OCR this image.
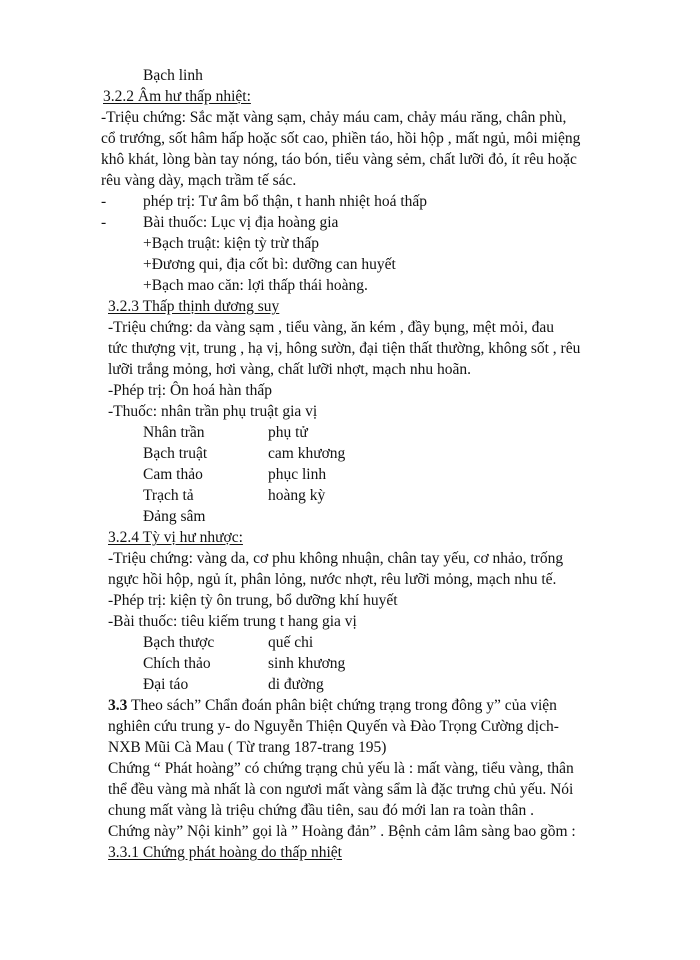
Bạch linh
3.2.2 Âm hư thấp nhiệt:
-Triệu chứng: Sắc mặt vàng sạm, chảy máu cam, chảy máu răng, chân phù,
cổ trướng, sốt hâm hấp hoặc sốt cao, phiền táo, hồi hộp , mất ngủ, môi miệng
khô khát, lòng bàn tay nóng, táo bón, tiểu vàng sẻm, chất lưỡi đỏ, ít rêu hoặc
rêu vàng dày, mạch trầm tế sác.
- phép trị: Tư âm bổ thận, t hanh nhiệt hoá thấp
- Bài thuốc: Lục vị địa hoàng gia
+Bạch truật: kiện tỳ trừ thấp
+Đương qui, địa cốt bì: dưỡng can huyết
+Bạch mao căn: lợi thấp thái hoàng.
3.2.3 Thấp thịnh dương suy
-Triệu chứng: da vàng sạm , tiểu vàng, ăn kém , đầy bụng, mệt mỏi, đau
tức thượng vịt, trung , hạ vị, hông sườn, đại tiện thất thường, không sốt , rêu
lưỡi trắng mỏng, hơi vàng, chất lưỡi nhợt, mạch nhu hoãn.
-Phép trị: Ôn hoá hàn thấp
-Thuốc: nhân trần phụ truật gia vị
Nhân trần	phụ tử
Bạch truật	cam khương
Cam thảo	phục linh
Trạch tả	hoàng kỳ
Đảng sâm
3.2.4 Tỳ vị hư nhược:
-Triệu chứng: vàng da, cơ phu không nhuận, chân tay yếu, cơ nhảo, trống
ngực hồi hộp, ngủ ít, phân lỏng, nước nhợt, rêu lưỡi mỏng, mạch nhu tế.
-Phép trị: kiện tỳ ôn trung, bổ dưỡng khí huyết
-Bài thuốc: tiêu kiếm trung t hang gia vị
Bạch thược	quế chi
Chích thảo	sinh khương
Đại táo	di đường
3.3 Theo sách” Chẩn đoán phân biệt chứng trạng trong đông y” của viện
nghiên cứu trung y- do Nguyễn Thiện Quyến và Đào Trọng Cường dịch-
NXB Mũi Cà Mau ( Từ trang 187-trang 195)
Chứng “ Phát hoàng” có chứng trạng chủ yếu là : mất vàng, tiểu vàng, thân
thể đều vàng mà nhất là con ngươi mất vàng sẩm là đặc trưng chủ yếu. Nói
chung mất vàng là triệu chứng đầu tiên, sau đó mới lan ra toàn thân .
Chứng này” Nội kinh” gọi là ” Hoàng đản” . Bệnh cảm lâm sàng bao gồm :
3.3.1 Chứng phát hoàng do thấp nhiệt
